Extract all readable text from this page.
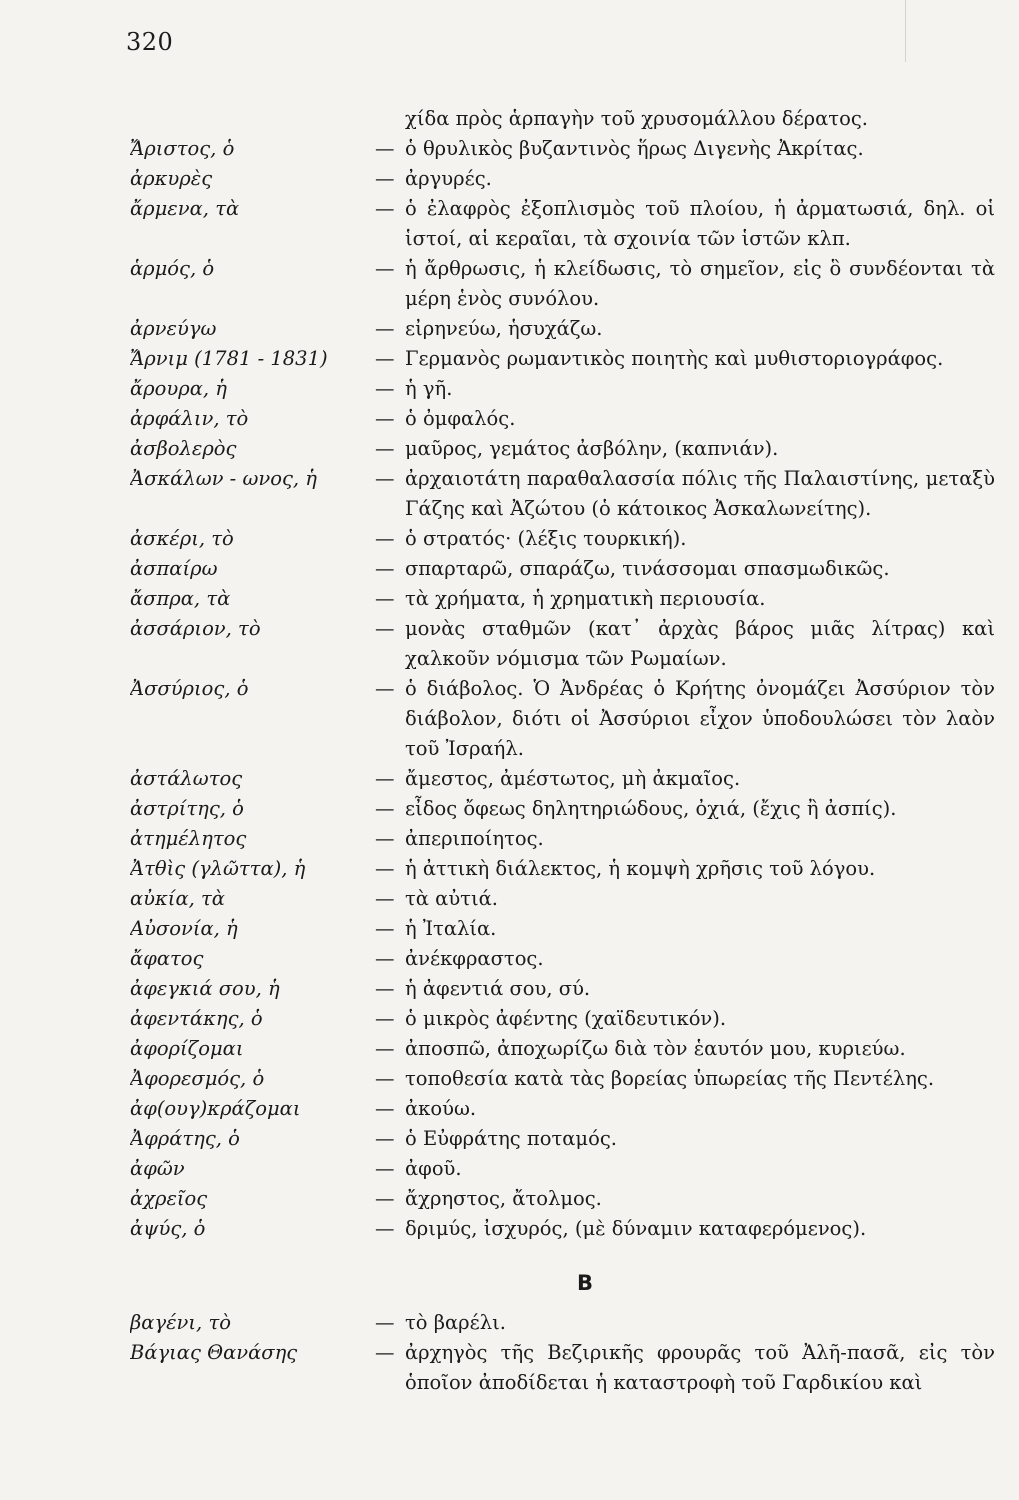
320
χίδα πρὸς ἁρπαγὴν τοῦ χρυσομάλλου δέρατος.
Ἄριστος, ὁ	— ὁ θρυλικὸς βυζαντινὸς ἥρως Διγενὴς Ἀκρίτας.
ἀρκυρὲς	— ἀργυρές.
ἄρμενα, τὰ	— ὁ ἐλαφρὸς ἐξοπλισμὸς τοῦ πλοίου, ἡ ἀρματωσιά, δηλ. οἱ ἱστοί, αἱ κεραῖαι, τὰ σχοινία τῶν ἱστῶν κλπ.
ἁρμός, ὁ	— ἡ ἄρθρωσις, ἡ κλείδωσις, τὸ σημεῖον, εἰς ὃ συνδέονται τὰ μέρη ἑνὸς συνόλου.
ἀρνεύγω	— εἰρηνεύω, ἡσυχάζω.
Ἄρνιμ (1781 - 1831)	— Γερμανὸς ρωμαντικὸς ποιητὴς καὶ μυθιστοριογράφος.
ἄρουρα, ἡ	— ἡ γῆ.
ἀρφάλιν, τὸ	— ὁ ὀμφαλός.
ἀσβολερὸς	— μαῦρος, γεμάτος ἀσβόλην, (καπνιάν).
Ἀσκάλων - ωνος, ἡ	— ἀρχαιοτάτη παραθαλασσία πόλις τῆς Παλαιστίνης, μεταξὺ Γάζης καὶ Ἀζώτου (ὁ κάτοικος Ἀσκαλωνείτης).
ἀσκέρι, τὸ	— ὁ στρατός· (λέξις τουρκική).
ἀσπαίρω	— σπαρταρῶ, σπαράζω, τινάσσομαι σπασμωδικῶς.
ἄσπρα, τὰ	— τὰ χρήματα, ἡ χρηματικὴ περιουσία.
ἀσσάριον, τὸ	— μονὰς σταθμῶν (κατ᾽ ἀρχὰς βάρος μιᾶς λίτρας) καὶ χαλκοῦν νόμισμα τῶν Ρωμαίων.
Ἀσσύριος, ὁ	— ὁ διάβολος. Ὁ Ἀνδρέας ὁ Κρήτης ὀνομάζει Ἀσσύριον τὸν διάβολον, διότι οἱ Ἀσσύριοι εἶχον ὑποδουλώσει τὸν λαὸν τοῦ Ἰσραήλ.
ἀστάλωτος	— ἄμεστος, ἀμέστωτος, μὴ ἀκμαῖος.
ἀστρίτης, ὁ	— εἶδος ὄφεως δηλητηριώδους, ὀχιά, (ἔχις ἢ ἀσπίς).
ἀτημέλητος	— ἀπεριποίητος.
Ἀτθὶς (γλῶττα), ἡ	— ἡ ἀττικὴ διάλεκτος, ἡ κομψὴ χρῆσις τοῦ λόγου.
αὐκία, τὰ	— τὰ αὐτιά.
Αὐσονία, ἡ	— ἡ Ἰταλία.
ἄφατος	— ἀνέκφραστος.
ἀφεγκιά σου, ἡ	— ἡ ἀφεντιά σου, σύ.
ἀφεντάκης, ὁ	— ὁ μικρὸς ἀφέντης (χαϊδευτικόν).
ἀφορίζομαι	— ἀποσπῶ, ἀποχωρίζω διὰ τὸν ἑαυτόν μου, κυριεύω.
Ἀφορεσμός, ὁ	— τοποθεσία κατὰ τὰς βορείας ὑπωρείας τῆς Πεντέλης.
ἀφ(ουγ)κράζομαι	— ἀκούω.
Ἀφράτης, ὁ	— ὁ Εὐφράτης ποταμός.
ἀφῶν	— ἀφοῦ.
ἀχρεῖος	— ἄχρηστος, ἄτολμος.
ἀψύς, ὁ	— δριμύς, ἰσχυρός, (μὲ δύναμιν καταφερόμενος).
Β
βαγένι, τὸ	— τὸ βαρέλι.
Βάγιας Θανάσης	— ἀρχηγὸς τῆς Βεζιρικῆς φρουρᾶς τοῦ Ἀλῆ-πασᾶ, εἰς τὸν ὁποῖον ἀποδίδεται ἡ καταστροφὴ τοῦ Γαρδικίου καὶ
